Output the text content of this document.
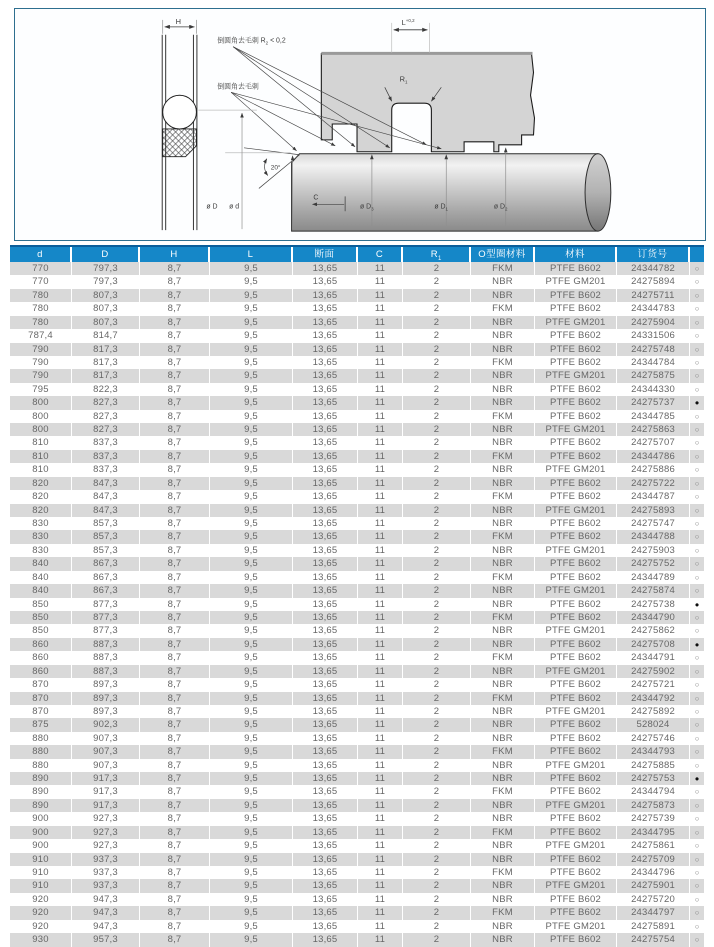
H	$L^{+0,2}$
$R_1$
倒圆角去毛刺 $R_2 < 0,2$
倒圆角去毛刺
20°
C
ø D ø d	ø $D_3$	ø $D_1$	ø $D_2$
d	D	H	L	断面	C	$R_1$	O型圈材料	材料	订货号
770	797,3	8,7	9,5	13,65	11	2	FKM	PTFE B602	24344782	○
770	797,3	8,7	9,5	13,65	11	2	NBR	PTFE GM201	24275894	○
780	807,3	8,7	9,5	13,65	11	2	NBR	PTFE B602	24275711	○
780	807,3	8,7	9,5	13,65	11	2	FKM	PTFE B602	24344783	○
780	807,3	8,7	9,5	13,65	11	2	NBR	PTFE GM201	24275904	○
787,4	814,7	8,7	9,5	13,65	11	2	NBR	PTFE B602	24331506	○
790	817,3	8,7	9,5	13,65	11	2	NBR	PTFE B602	24275748	○
790	817,3	8,7	9,5	13,65	11	2	FKM	PTFE B602	24344784	○
790	817,3	8,7	9,5	13,65	11	2	NBR	PTFE GM201	24275875	○
795	822,3	8,7	9,5	13,65	11	2	NBR	PTFE B602	24344330	○
800	827,3	8,7	9,5	13,65	11	2	NBR	PTFE B602	24275737	●
800	827,3	8,7	9,5	13,65	11	2	FKM	PTFE B602	24344785	○
800	827,3	8,7	9,5	13,65	11	2	NBR	PTFE GM201	24275863	○
810	837,3	8,7	9,5	13,65	11	2	NBR	PTFE B602	24275707	○
810	837,3	8,7	9,5	13,65	11	2	FKM	PTFE B602	24344786	○
810	837,3	8,7	9,5	13,65	11	2	NBR	PTFE GM201	24275886	○
820	847,3	8,7	9,5	13,65	11	2	NBR	PTFE B602	24275722	○
820	847,3	8,7	9,5	13,65	11	2	FKM	PTFE B602	24344787	○
820	847,3	8,7	9,5	13,65	11	2	NBR	PTFE GM201	24275893	○
830	857,3	8,7	9,5	13,65	11	2	NBR	PTFE B602	24275747	○
830	857,3	8,7	9,5	13,65	11	2	FKM	PTFE B602	24344788	○
830	857,3	8,7	9,5	13,65	11	2	NBR	PTFE GM201	24275903	○
840	867,3	8,7	9,5	13,65	11	2	NBR	PTFE B602	24275752	○
840	867,3	8,7	9,5	13,65	11	2	FKM	PTFE B602	24344789	○
840	867,3	8,7	9,5	13,65	11	2	NBR	PTFE GM201	24275874	○
850	877,3	8,7	9,5	13,65	11	2	NBR	PTFE B602	24275738	●
850	877,3	8,7	9,5	13,65	11	2	FKM	PTFE B602	24344790	○
850	877,3	8,7	9,5	13,65	11	2	NBR	PTFE GM201	24275862	○
860	887,3	8,7	9,5	13,65	11	2	NBR	PTFE B602	24275708	●
860	887,3	8,7	9,5	13,65	11	2	FKM	PTFE B602	24344791	○
860	887,3	8,7	9,5	13,65	11	2	NBR	PTFE GM201	24275902	○
870	897,3	8,7	9,5	13,65	11	2	NBR	PTFE B602	24275721	○
870	897,3	8,7	9,5	13,65	11	2	FKM	PTFE B602	24344792	○
870	897,3	8,7	9,5	13,65	11	2	NBR	PTFE GM201	24275892	○
875	902,3	8,7	9,5	13,65	11	2	NBR	PTFE B602	528024	○
880	907,3	8,7	9,5	13,65	11	2	NBR	PTFE B602	24275746	○
880	907,3	8,7	9,5	13,65	11	2	FKM	PTFE B602	24344793	○
880	907,3	8,7	9,5	13,65	11	2	NBR	PTFE GM201	24275885	○
890	917,3	8,7	9,5	13,65	11	2	NBR	PTFE B602	24275753	●
890	917,3	8,7	9,5	13,65	11	2	FKM	PTFE B602	24344794	○
890	917,3	8,7	9,5	13,65	11	2	NBR	PTFE GM201	24275873	○
900	927,3	8,7	9,5	13,65	11	2	NBR	PTFE B602	24275739	○
900	927,3	8,7	9,5	13,65	11	2	FKM	PTFE B602	24344795	○
900	927,3	8,7	9,5	13,65	11	2	NBR	PTFE GM201	24275861	○
910	937,3	8,7	9,5	13,65	11	2	NBR	PTFE B602	24275709	○
910	937,3	8,7	9,5	13,65	11	2	FKM	PTFE B602	24344796	○
910	937,3	8,7	9,5	13,65	11	2	NBR	PTFE GM201	24275901	○
920	947,3	8,7	9,5	13,65	11	2	NBR	PTFE B602	24275720	○
920	947,3	8,7	9,5	13,65	11	2	FKM	PTFE B602	24344797	○
920	947,3	8,7	9,5	13,65	11	2	NBR	PTFE GM201	24275891	○
930	957,3	8,7	9,5	13,65	11	2	NBR	PTFE B602	24275754	○
